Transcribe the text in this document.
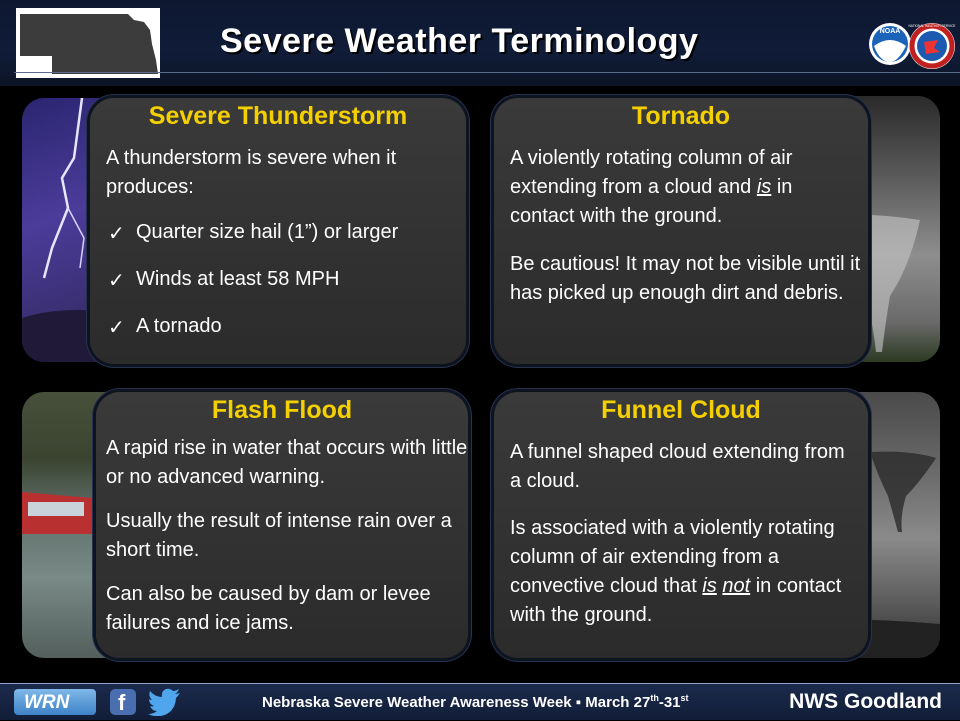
Severe Weather Terminology	NOAA
NATIONAL WEATHER SERVICE
Severe Thunderstorm
A thunderstorm is severe when it produces:
✓ Quarter size hail (1”) or larger
✓ Winds at least 58 MPH
✓ A tornado
Tornado
A violently rotating column of air extending from a cloud and is in contact with the ground.
Be cautious! It may not be visible until it has picked up enough dirt and debris.
Flash Flood
A rapid rise in water that occurs with little or no advanced warning.
Usually the result of intense rain over a short time.
Can also be caused by dam or levee failures and ice jams.
Funnel Cloud
A funnel shaped cloud extending from a cloud.
Is associated with a violently rotating column of air extending from a convective cloud that is not in contact with the ground.
WRN f	Nebraska Severe Weather Awareness Week ▪ March 27th-31st	NWS Goodland
